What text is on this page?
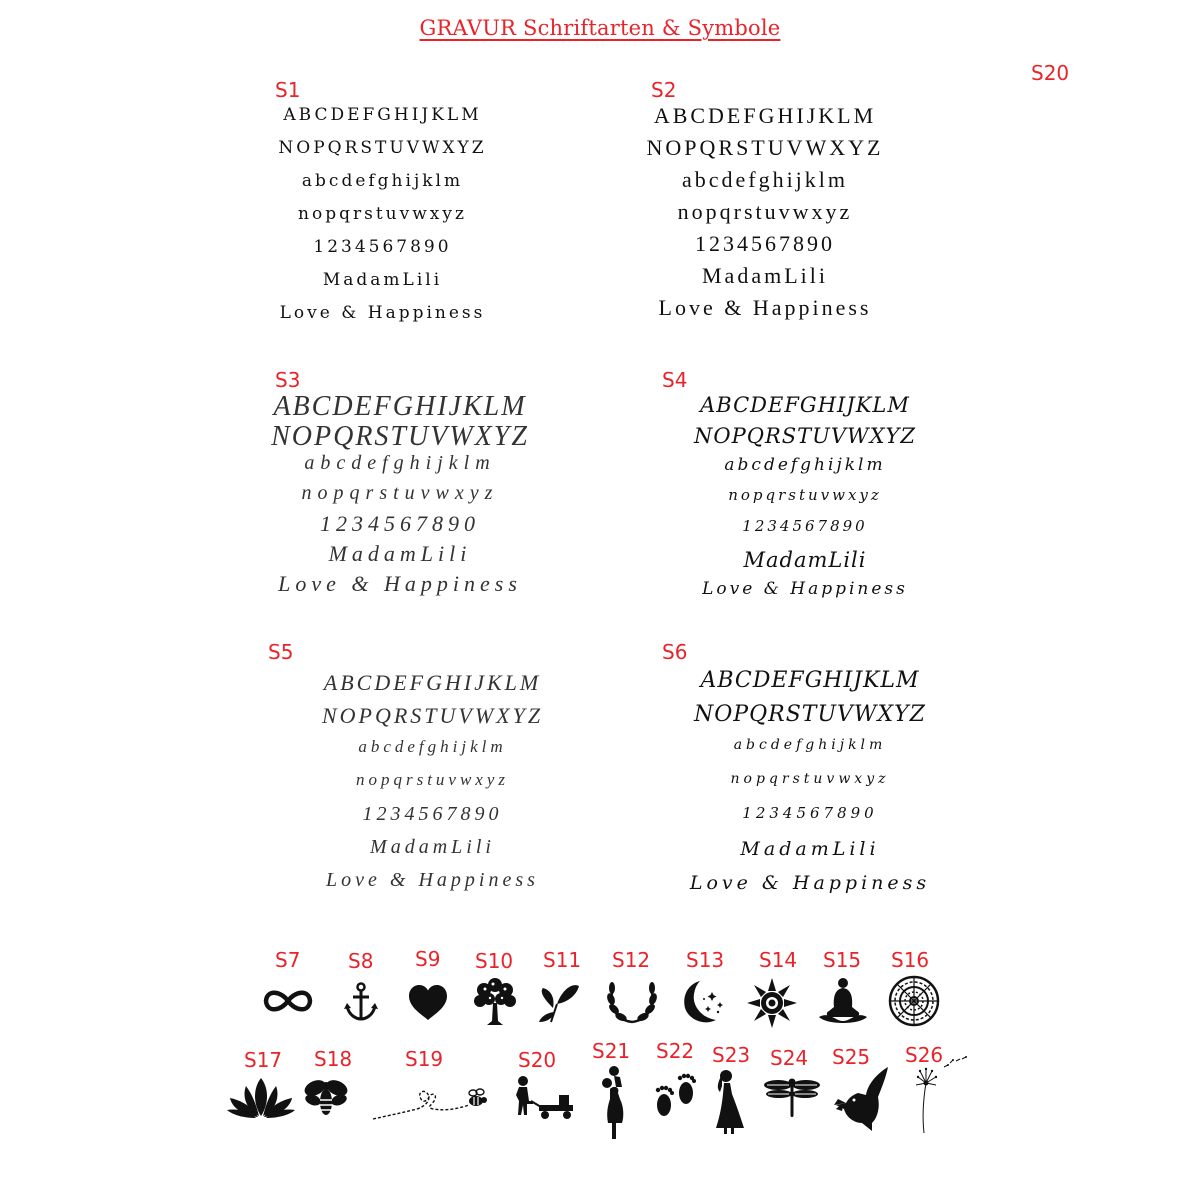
GRAVUR Schriftarten & Symbole
S20
S1
ABCDEFGHIJKLM
NOPQRSTUVWXYZ
abcdefghijklm
nopqrstuvwxyz
1234567890
MadamLili
Love & Happiness
S2
ABCDEFGHIJKLM
NOPQRSTUVWXYZ
abcdefghijklm
nopqrstuvwxyz
1234567890
MadamLili
Love & Happiness
S3
ABCDEFGHIJKLM
NOPQRSTUVWXYZ
abcdefghijklm
nopqrstuvwxyz
1234567890
MadamLili
Love & Happiness
S4
ABCDEFGHIJKLM
NOPQRSTUVWXYZ
abcdefghijklm
nopqrstuvwxyz
1234567890
MadamLili
Love & Happiness
S5
ABCDEFGHIJKLM
NOPQRSTUVWXYZ
abcdefghijklm
nopqrstuvwxyz
1234567890
MadamLili
Love & Happiness
S6
ABCDEFGHIJKLM
NOPQRSTUVWXYZ
abcdefghijklm
nopqrstuvwxyz
1234567890
MadamLili
Love & Happiness
S7 S8 S9 S10 S11 S12 S13 S14 S15 S16
S17 S18	S19	S20 S21 S22 S23 S24 S25 S26
